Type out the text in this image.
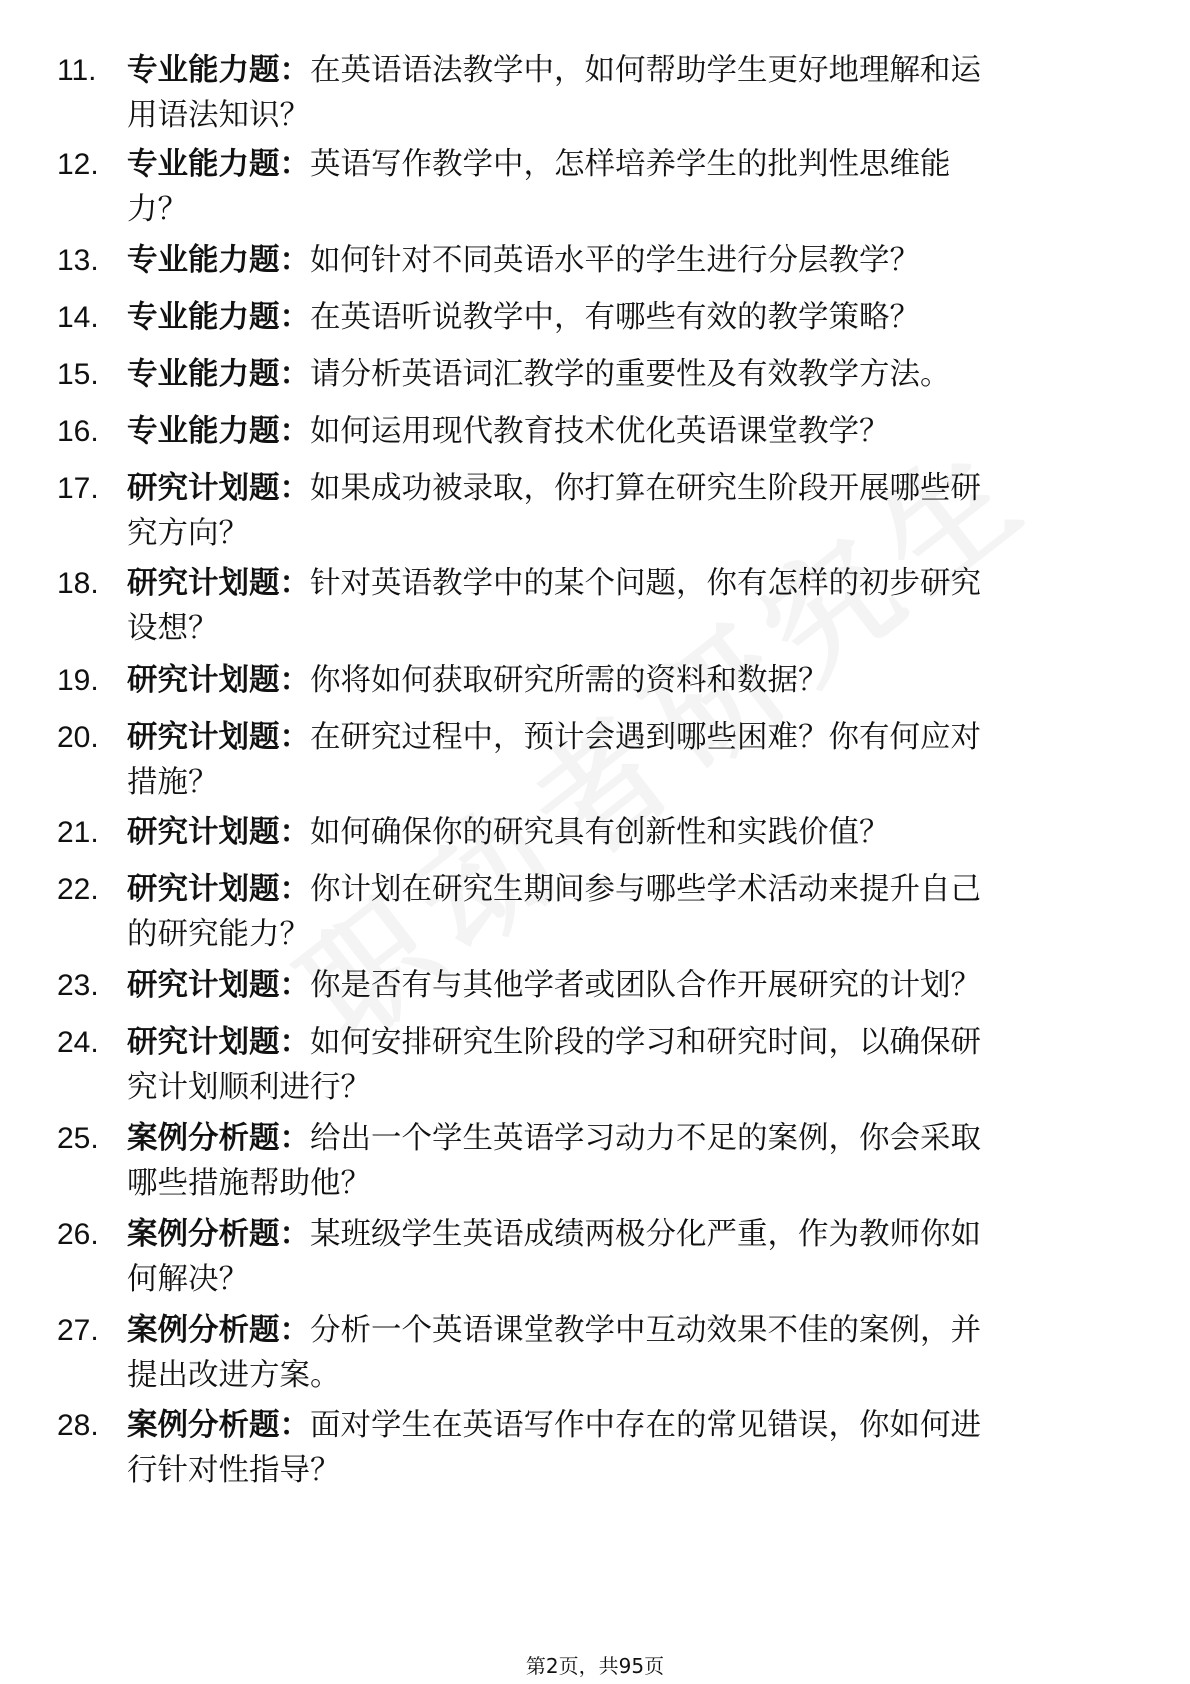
11.	专业能力题：在英语语法教学中，如何帮助学生更好地理解和运
用语法知识？
12. 专业能力题：英语写作教学中，怎样培养学生的批判性思维能
力？
13. 专业能力题：如何针对不同英语水平的学生进行分层教学？
14. 专业能力题：在英语听说教学中，有哪些有效的教学策略？
15. 专业能力题：请分析英语词汇教学的重要性及有效教学方法。
16. 专业能力题：如何运用现代教育技术优化英语课堂教学？
17. 研究计划题：如果成功被录取，你打算在研究生阶段开展哪些研
究方向？
18. 研究计划题：针对英语教学中的某个问题，你有怎样的初步研究
设想？
19. 研究计划题：你将如何获取研究所需的资料和数据？
20. 研究计划题：在研究过程中，预计会遇到哪些困难？你有何应对
措施？
21. 研究计划题：如何确保你的研究具有创新性和实践价值？
22. 研究计划题：你计划在研究生期间参与哪些学术活动来提升自己
的研究能力？
23. 研究计划题：你是否有与其他学者或团队合作开展研究的计划？
24. 研究计划题：如何安排研究生阶段的学习和研究时间，以确保研
究计划顺利进行？
25. 案例分析题：给出一个学生英语学习动力不足的案例，你会采取
哪些措施帮助他？
26. 案例分析题：某班级学生英语成绩两极分化严重，作为教师你如
何解决？
27. 案例分析题：分析一个英语课堂教学中互动效果不佳的案例，并
提出改进方案。
28. 案例分析题：面对学生在英语写作中存在的常见错误，你如何进
行针对性指导？
第2页，共95页
